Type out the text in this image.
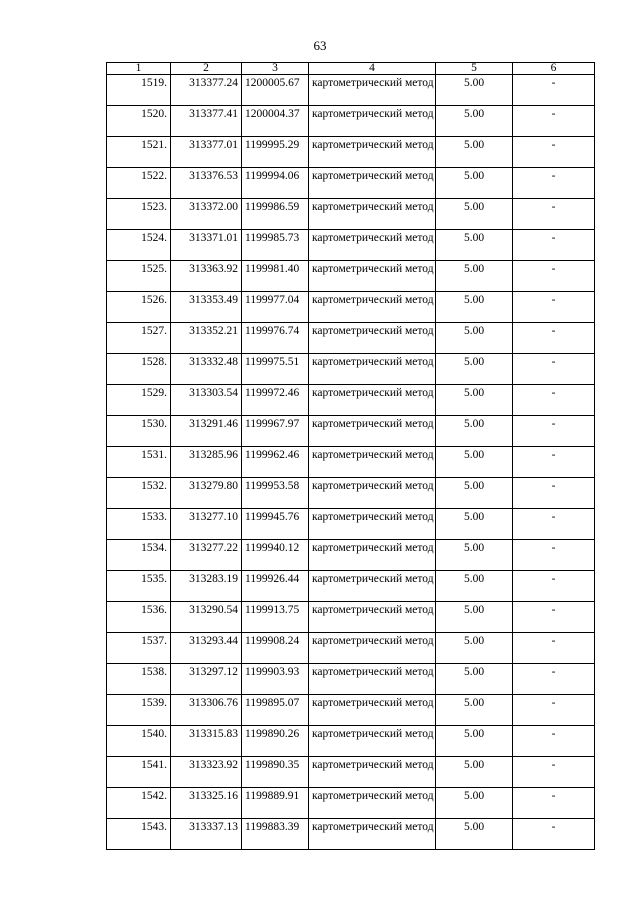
63
1	2	3	4	5	6
1519.	313377.24	1200005.67	картометрический метод	5.00	-
1520.	313377.41	1200004.37	картометрический метод	5.00	-
1521.	313377.01	1199995.29	картометрический метод	5.00	-
1522.	313376.53	1199994.06	картометрический метод	5.00	-
1523.	313372.00	1199986.59	картометрический метод	5.00	-
1524.	313371.01	1199985.73	картометрический метод	5.00	-
1525.	313363.92	1199981.40	картометрический метод	5.00	-
1526.	313353.49	1199977.04	картометрический метод	5.00	-
1527.	313352.21	1199976.74	картометрический метод	5.00	-
1528.	313332.48	1199975.51	картометрический метод	5.00	-
1529.	313303.54	1199972.46	картометрический метод	5.00	-
1530.	313291.46	1199967.97	картометрический метод	5.00	-
1531.	313285.96	1199962.46	картометрический метод	5.00	-
1532.	313279.80	1199953.58	картометрический метод	5.00	-
1533.	313277.10	1199945.76	картометрический метод	5.00	-
1534.	313277.22	1199940.12	картометрический метод	5.00	-
1535.	313283.19	1199926.44	картометрический метод	5.00	-
1536.	313290.54	1199913.75	картометрический метод	5.00	-
1537.	313293.44	1199908.24	картометрический метод	5.00	-
1538.	313297.12	1199903.93	картометрический метод	5.00	-
1539.	313306.76	1199895.07	картометрический метод	5.00	-
1540.	313315.83	1199890.26	картометрический метод	5.00	-
1541.	313323.92	1199890.35	картометрический метод	5.00	-
1542.	313325.16	1199889.91	картометрический метод	5.00	-
1543.	313337.13	1199883.39	картометрический метод	5.00	-
